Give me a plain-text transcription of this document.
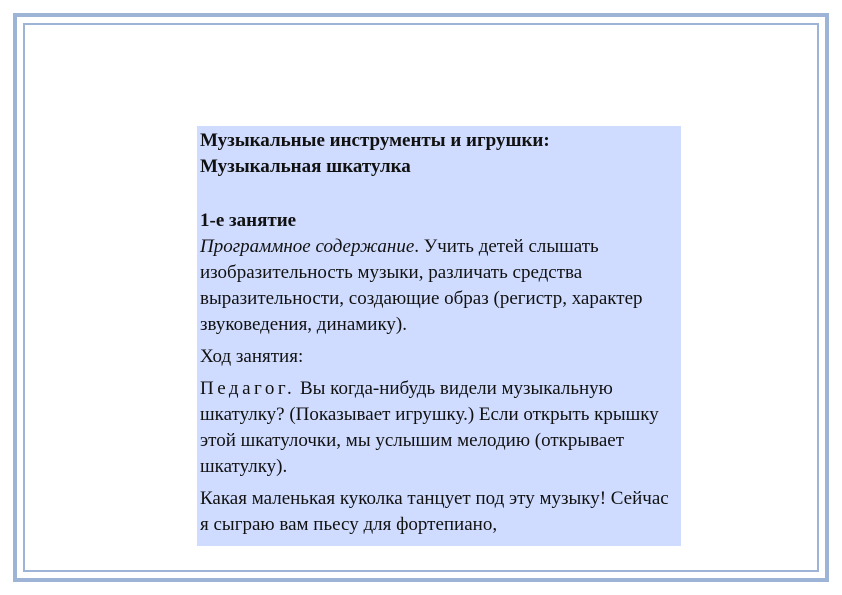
Музыкальные инструменты и игрушки:
Музыкальная шкатулка
1-е занятие

Программное содержание. Учить детей слышать изобразительность музыки, различать средства выразительности, создающие образ (регистр, характер звуковедения, динамику).

Ход занятия:

Педагог. Вы когда-нибудь видели музыкальную шкатулку? (Показывает игрушку.) Если открыть крышку этой шкатулочки, мы услышим мелодию (открывает шкатулку).

Какая маленькая куколка танцует под эту музыку! Сейчас я сыграю вам пьесу для фортепиано,
